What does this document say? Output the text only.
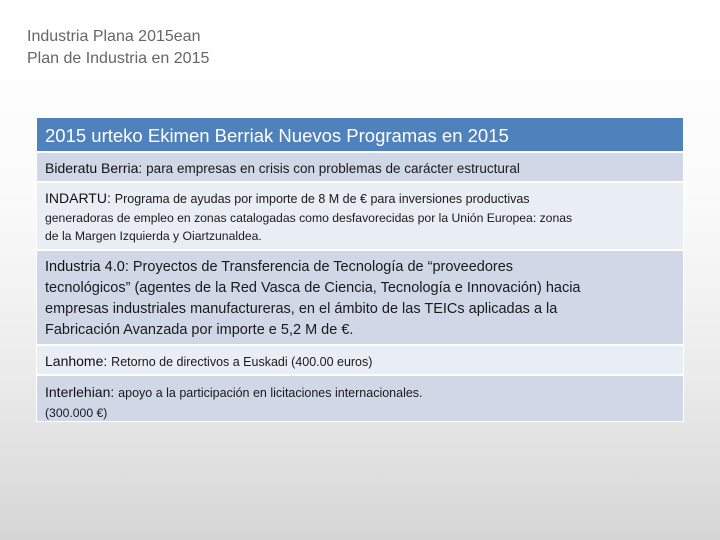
Industria Plana 2015ean
Plan de Industria en 2015
2015 urteko Ekimen Berriak Nuevos Programas en 2015
Bideratu Berria: para empresas en crisis con problemas de carácter estructural
INDARTU: Programa de ayudas por importe de 8 M de € para inversiones productivas
generadoras de empleo en zonas catalogadas como desfavorecidas por la Unión Europea: zonas
de la Margen Izquierda y Oiartzunaldea.
Industria 4.0: Proyectos de Transferencia de Tecnología de “proveedores
tecnológicos” (agentes de la Red Vasca de Ciencia, Tecnología e Innovación) hacia
empresas industriales manufactureras, en el ámbito de las TEICs aplicadas a la
Fabricación Avanzada por importe e 5,2 M de €.
Lanhome: Retorno de directivos a Euskadi (400.00 euros)
Interlehian: apoyo a la participación en licitaciones internacionales.
(300.000 €)
